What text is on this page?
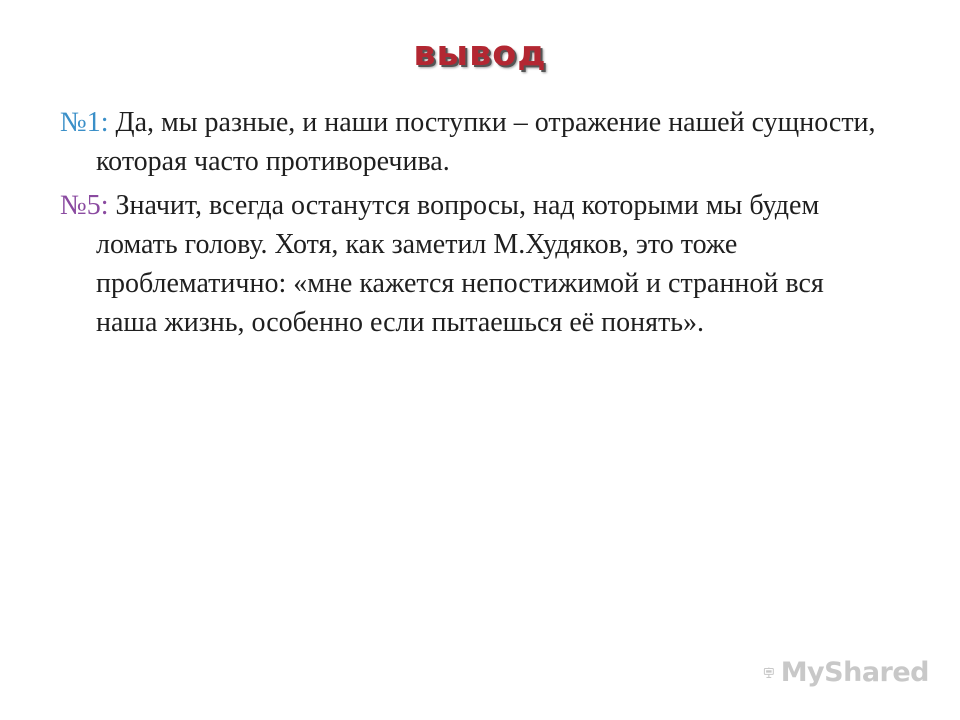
вывод

№1: Да, мы разные, и наши поступки – отражение нашей сущности, которая часто противоречива.

№5: Значит, всегда останутся вопросы, над которыми мы будем ломать голову. Хотя, как заметил М.Худяков, это тоже проблематично: «мне кажется непостижимой и странной вся наша жизнь, особенно если пытаешься её понять».

MyShared
